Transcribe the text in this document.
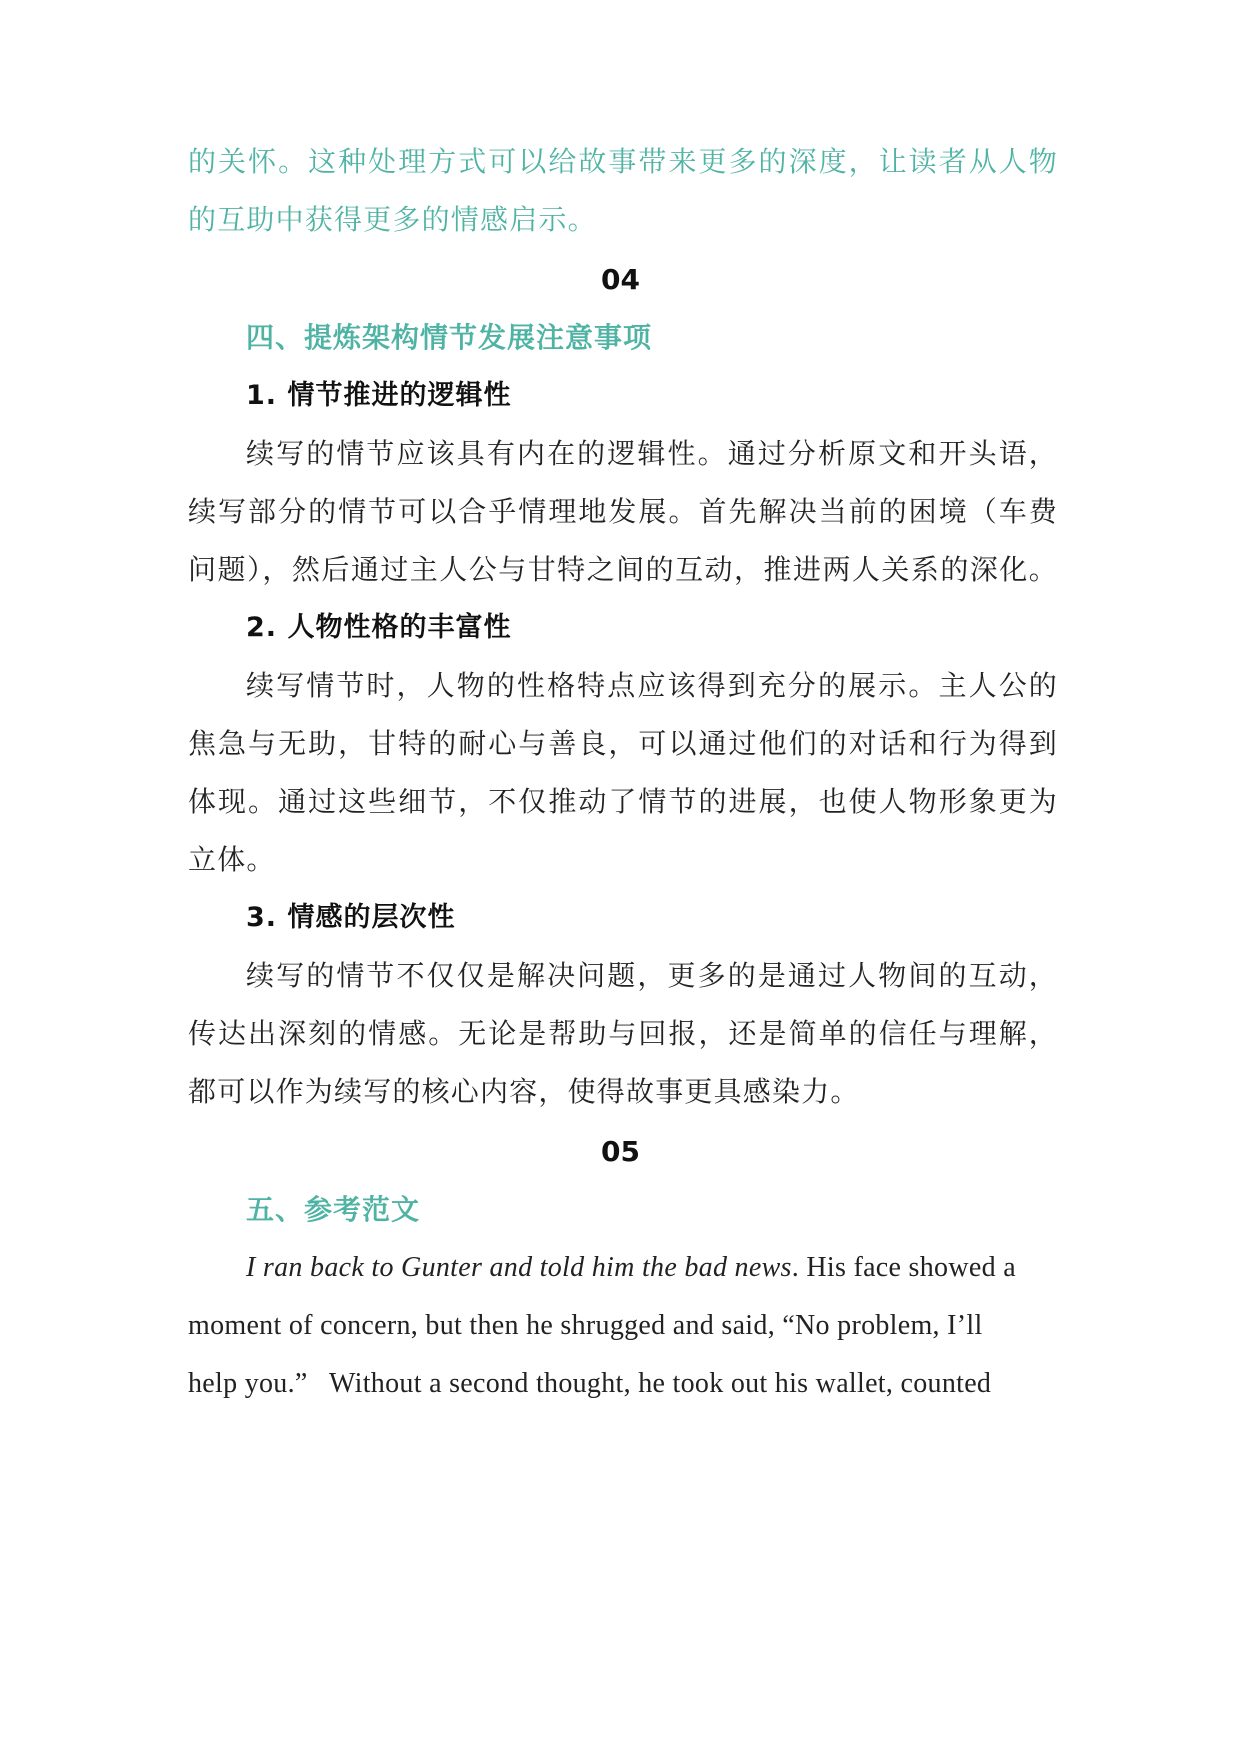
的关怀。这种处理方式可以给故事带来更多的深度，让读者从人物
的互助中获得更多的情感启示。
04
四、提炼架构情节发展注意事项
1. 情节推进的逻辑性
续写的情节应该具有内在的逻辑性。通过分析原文和开头语，
续写部分的情节可以合乎情理地发展。首先解决当前的困境（车费
问题），然后通过主人公与甘特之间的互动，推进两人关系的深化。
2. 人物性格的丰富性
续写情节时，人物的性格特点应该得到充分的展示。主人公的
焦急与无助，甘特的耐心与善良，可以通过他们的对话和行为得到
体现。通过这些细节，不仅推动了情节的进展，也使人物形象更为
立体。
3. 情感的层次性
续写的情节不仅仅是解决问题，更多的是通过人物间的互动，
传达出深刻的情感。无论是帮助与回报，还是简单的信任与理解，
都可以作为续写的核心内容，使得故事更具感染力。
05
五、参考范文
I ran back to Gunter and told him the bad news. His face showed a
moment of concern, but then he shrugged and said, “No problem, I’ll
help you.”   Without a second thought, he took out his wallet, counted
